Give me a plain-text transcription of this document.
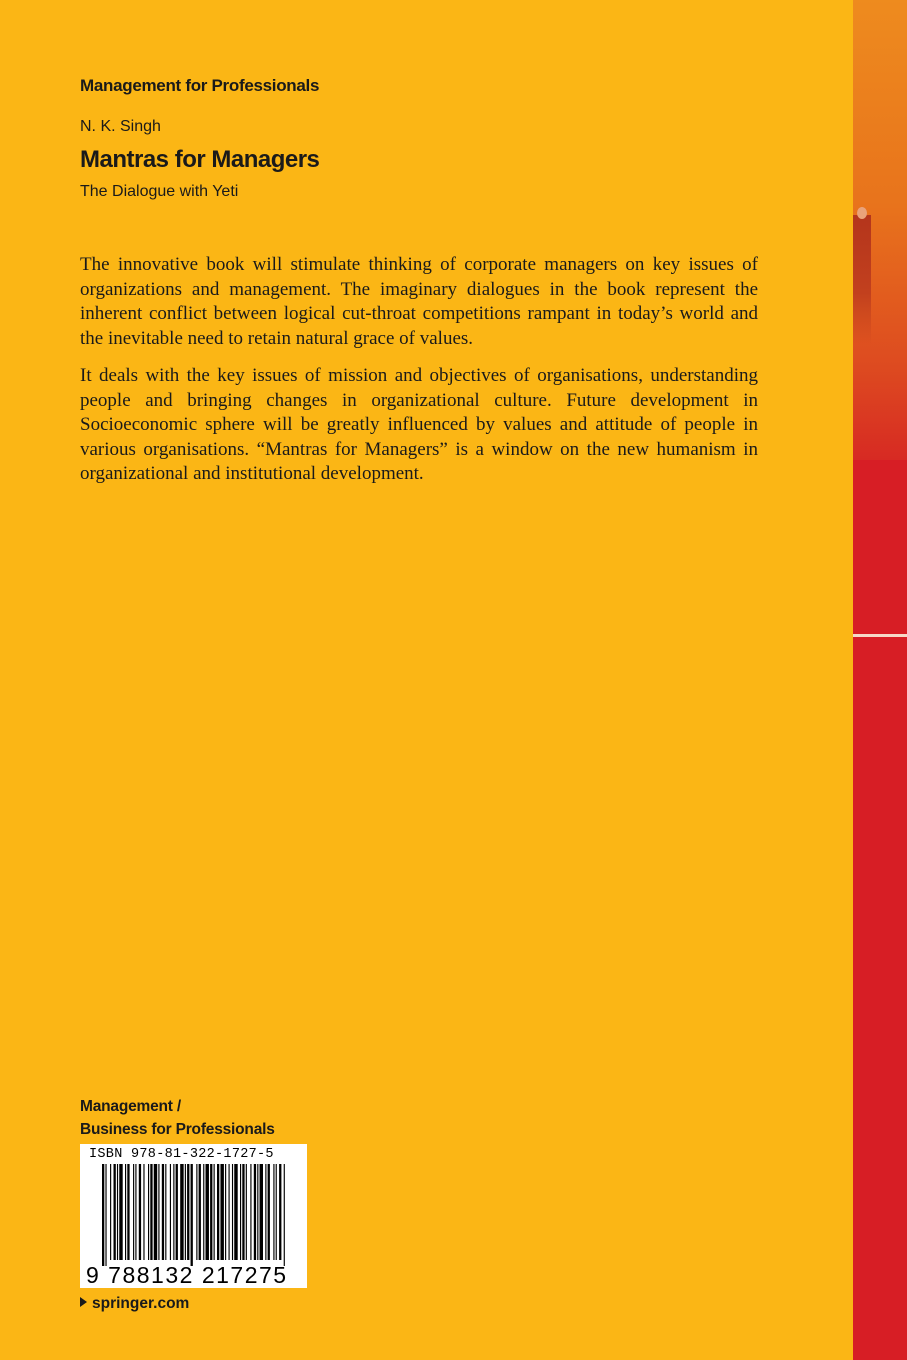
Management for Professionals
N. K. Singh
Mantras for Managers
The Dialogue with Yeti

The innovative book will stimulate thinking of corporate managers on key issues of organizations and management. The imaginary dialogues in the book represent the inherent conflict between logical cut-throat competitions rampant in today’s world and the inevitable need to retain natural grace of values.

It deals with the key issues of mission and objectives of organisations, understanding people and bringing changes in organizational culture. Future development in Socioeconomic sphere will be greatly influenced by values and attitude of people in various organisations. “Mantras for Managers” is a window on the new humanism in organizational and institutional development.

Management /
Business for Professionals
ISBN 978-81-322-1727-5
9 788132 217275
springer.com
